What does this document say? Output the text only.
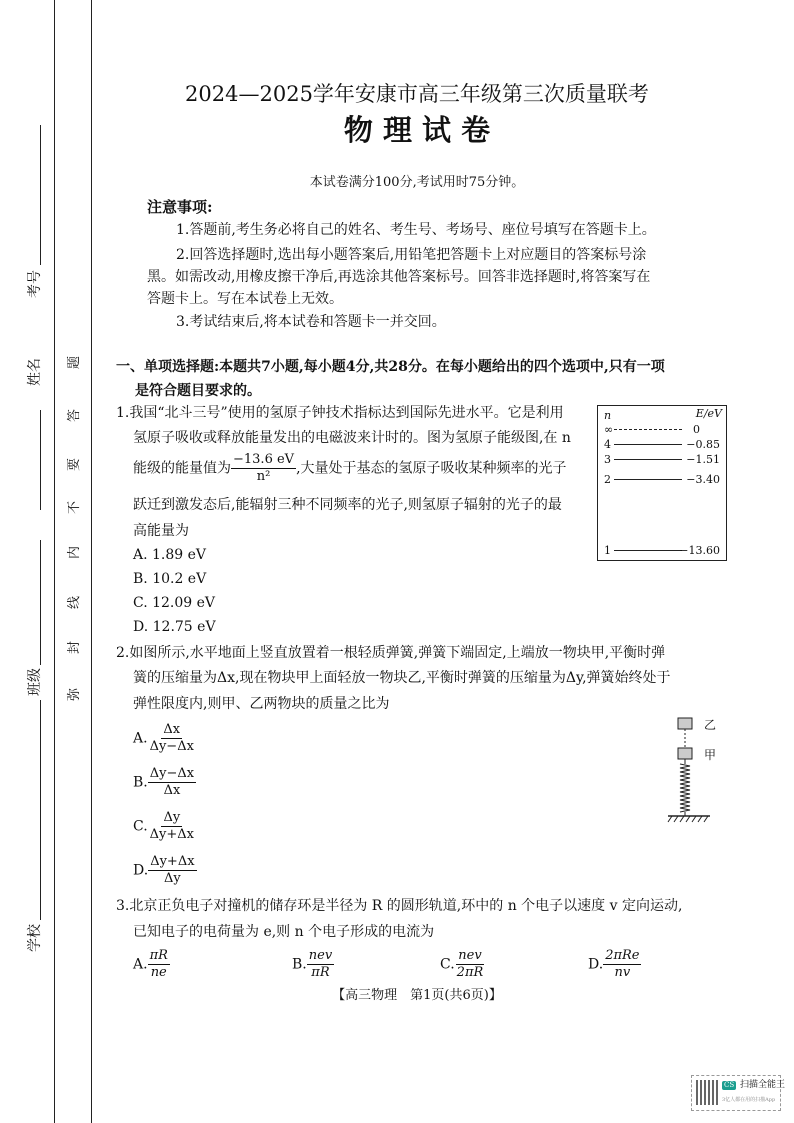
考号
姓名
班级
学校
弥
封
线
内
不
要
答
题
2024—2025学年安康市高三年级第三次质量联考
物 理 试 卷
本试卷满分100分,考试用时75分钟。
注意事项:
1.答题前,考生务必将自己的姓名、考生号、考场号、座位号填写在答题卡上。
2.回答选择题时,选出每小题答案后,用铅笔把答题卡上对应题目的答案标号涂
黑。如需改动,用橡皮擦干净后,再选涂其他答案标号。回答非选择题时,将答案写在
答题卡上。写在本试卷上无效。
3.考试结束后,将本试卷和答题卡一并交回。
一、单项选择题:本题共7小题,每小题4分,共28分。在每小题给出的四个选项中,只有一项
是符合题目要求的。
1.我国“北斗三号”使用的氢原子钟技术指标达到国际先进水平。它是利用
氢原子吸收或释放能量发出的电磁波来计时的。图为氢原子能级图,在 n
能级的能量值为 $\frac{-13.6 eV}{\text{n²}}$ ,大量处于基态的氢原子吸收某种频率的光子
跃迁到激发态后,能辐射三种不同频率的光子,则氢原子辐射的光子的最
高能量为
A. 1.89 eV
B. 10.2 eV
C. 12.09 eV
D. 12.75 eV
n	E/eV
∞	0
4	−0.85
3	−1.51
2	−3.40
1	−13.60
2.如图所示,水平地面上竖直放置着一根轻质弹簧,弹簧下端固定,上端放一物块甲,平衡时弹
簧的压缩量为Δx,现在物块甲上面轻放一物块乙,平衡时弹簧的压缩量为Δy,弹簧始终处于
弹性限度内,则甲、乙两物块的质量之比为
A. $\frac{\Delta x}{\Delta y-\Delta x}$
B. $\frac{\Delta y-\Delta x}{\Delta x}$
C. $\frac{\Delta y}{\Delta y+\Delta x}$
D. $\frac{\Delta y+\Delta x}{\Delta y}$
乙
甲
3.北京正负电子对撞机的储存环是半径为 R 的圆形轨道,环中的 n 个电子以速度 v 定向运动,
已知电子的电荷量为 e,则 n 个电子形成的电流为
A. $\frac{\pi R}{ne}$	B. $\frac{\text{nev}}{\pi R}$	C. $\frac{\text{nev}}{2\pi R}$	D. $\frac{\text{2πRe}}{nv}$
【高三物理　第1页(共6页)】
CS 扫描全能王
3亿人都在用的扫描App
